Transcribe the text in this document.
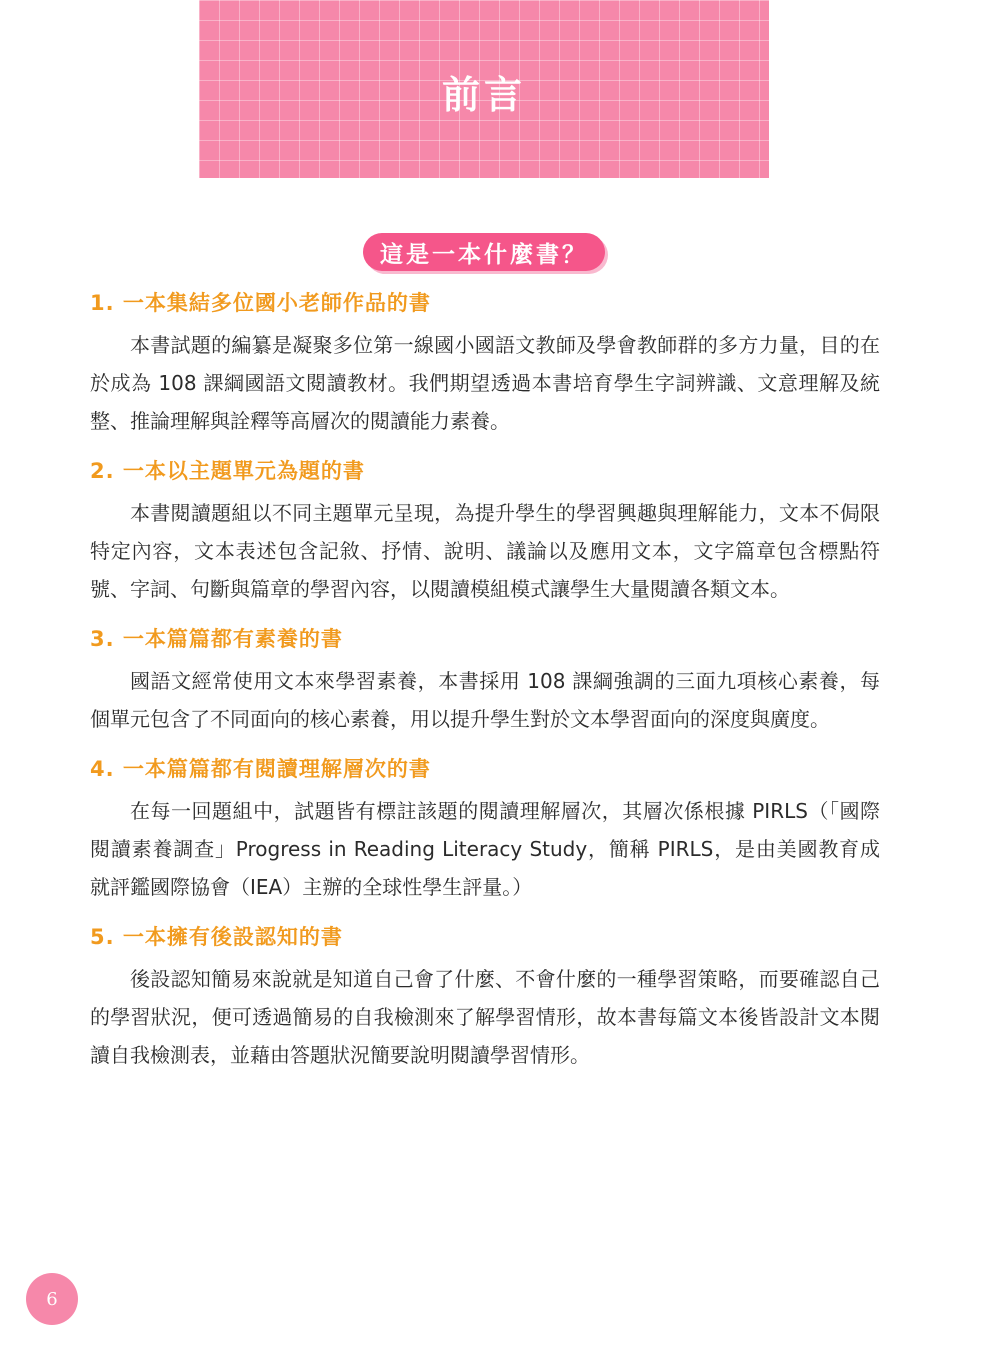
前言
這是一本什麼書？
1. 一本集結多位國小老師作品的書

本書試題的編纂是凝聚多位第一線國小國語文教師及學會教師群的多方力量，目的在於成為 108 課綱國語文閱讀教材。我們期望透過本書培育學生字詞辨識、文意理解及統整、推論理解與詮釋等高層次的閱讀能力素養。

2. 一本以主題單元為題的書

本書閱讀題組以不同主題單元呈現，為提升學生的學習興趣與理解能力，文本不侷限特定內容，文本表述包含記敘、抒情、說明、議論以及應用文本，文字篇章包含標點符號、字詞、句斷與篇章的學習內容，以閱讀模組模式讓學生大量閱讀各類文本。

3. 一本篇篇都有素養的書

國語文經常使用文本來學習素養，本書採用 108 課綱強調的三面九項核心素養，每個單元包含了不同面向的核心素養，用以提升學生對於文本學習面向的深度與廣度。

4. 一本篇篇都有閱讀理解層次的書

在每一回題組中，試題皆有標註該題的閱讀理解層次，其層次係根據 PIRLS（「國際閱讀素養調查」Progress in Reading Literacy Study，簡稱 PIRLS，是由美國教育成就評鑑國際協會（IEA）主辦的全球性學生評量。）

5. 一本擁有後設認知的書

後設認知簡易來說就是知道自己會了什麼、不會什麼的一種學習策略，而要確認自己的學習狀況，便可透過簡易的自我檢測來了解學習情形，故本書每篇文本後皆設計文本閱讀自我檢測表，並藉由答題狀況簡要說明閱讀學習情形。

6
